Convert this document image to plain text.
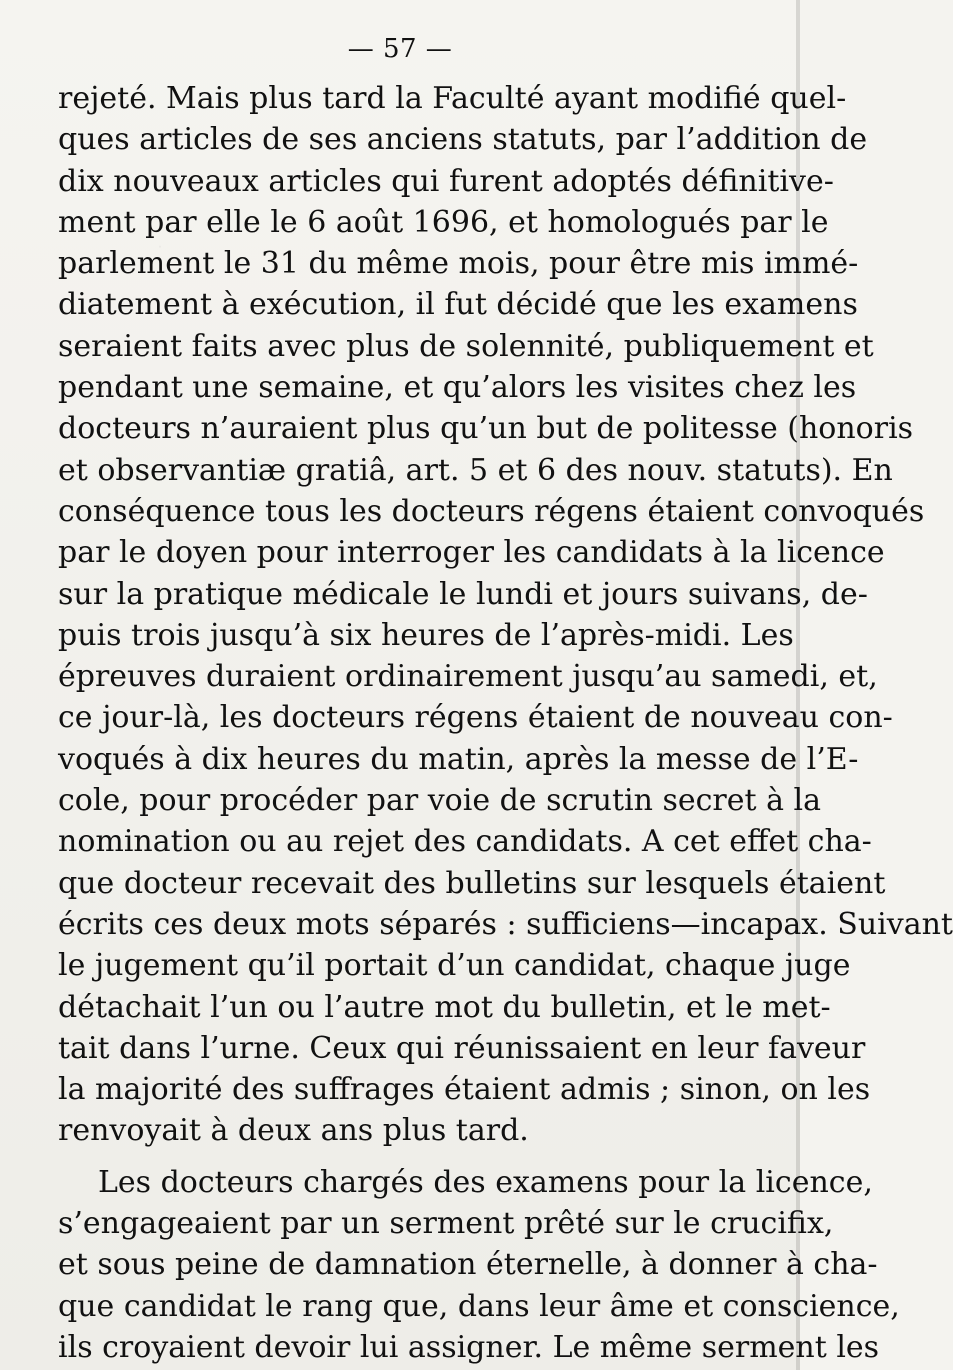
— 57 —
rejeté. Mais plus tard la Faculté ayant modifié quel-
ques articles de ses anciens statuts, par l’addition de
dix nouveaux articles qui furent adoptés définitive-
ment par elle le 6 août 1696, et homologués par le
parlement le 31 du même mois, pour être mis immé-
diatement à exécution, il fut décidé que les examens
seraient faits avec plus de solennité, publiquement et
pendant une semaine, et qu’alors les visites chez les
docteurs n’auraient plus qu’un but de politesse (honoris
et observantiæ gratiâ, art. 5 et 6 des nouv. statuts). En
conséquence tous les docteurs régens étaient convoqués
par le doyen pour interroger les candidats à la licence
sur la pratique médicale le lundi et jours suivans, de-
puis trois jusqu’à six heures de l’après-midi. Les
épreuves duraient ordinairement jusqu’au samedi, et,
ce jour-là, les docteurs régens étaient de nouveau con-
voqués à dix heures du matin, après la messe de l’E-
cole, pour procéder par voie de scrutin secret à la
nomination ou au rejet des candidats. A cet effet cha-
que docteur recevait des bulletins sur lesquels étaient
écrits ces deux mots séparés : sufficiens—incapax. Suivant
le jugement qu’il portait d’un candidat, chaque juge
détachait l’un ou l’autre mot du bulletin, et le met-
tait dans l’urne. Ceux qui réunissaient en leur faveur
la majorité des suffrages étaient admis ; sinon, on les
renvoyait à deux ans plus tard.
Les docteurs chargés des examens pour la licence,
s’engageaient par un serment prêté sur le crucifix,
et sous peine de damnation éternelle, à donner à cha-
que candidat le rang que, dans leur âme et conscience,
ils croyaient devoir lui assigner. Le même serment les
